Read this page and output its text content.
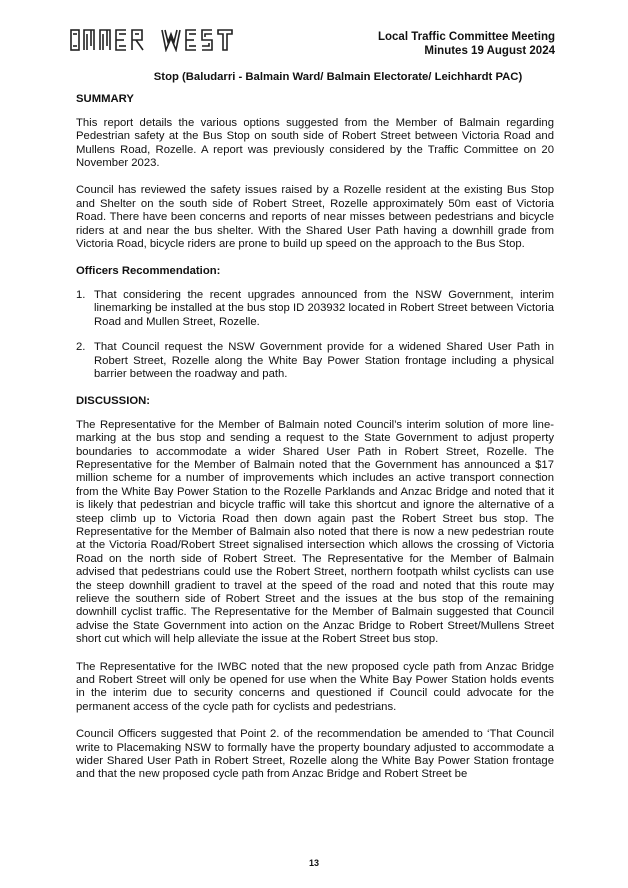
Local Traffic Committee Meeting
Minutes 19 August 2024
Stop (Baludarri - Balmain Ward/ Balmain Electorate/ Leichhardt PAC)
SUMMARY

This report details the various options suggested from the Member of Balmain regarding Pedestrian safety at the Bus Stop on south side of Robert Street between Victoria Road and Mullens Road, Rozelle. A report was previously considered by the Traffic Committee on 20 November 2023.

Council has reviewed the safety issues raised by a Rozelle resident at the existing Bus Stop and Shelter on the south side of Robert Street, Rozelle approximately 50m east of Victoria Road. There have been concerns and reports of near misses between pedestrians and bicycle riders at and near the bus shelter. With the Shared User Path having a downhill grade from Victoria Road, bicycle riders are prone to build up speed on the approach to the Bus Stop.

Officers Recommendation:
1. That considering the recent upgrades announced from the NSW Government, interim linemarking be installed at the bus stop ID 203932 located in Robert Street between Victoria Road and Mullen Street, Rozelle.
2. That Council request the NSW Government provide for a widened Shared User Path in Robert Street, Rozelle along the White Bay Power Station frontage including a physical barrier between the roadway and path.
DISCUSSION:

The Representative for the Member of Balmain noted Council’s interim solution of more line-marking at the bus stop and sending a request to the State Government to adjust property boundaries to accommodate a wider Shared User Path in Robert Street, Rozelle. The Representative for the Member of Balmain noted that the Government has announced a $17 million scheme for a number of improvements which includes an active transport connection from the White Bay Power Station to the Rozelle Parklands and Anzac Bridge and noted that it is likely that pedestrian and bicycle traffic will take this shortcut and ignore the alternative of a steep climb up to Victoria Road then down again past the Robert Street bus stop. The Representative for the Member of Balmain also noted that there is now a new pedestrian route at the Victoria Road/Robert Street signalised intersection which allows the crossing of Victoria Road on the north side of Robert Street. The Representative for the Member of Balmain advised that pedestrians could use the Robert Street, northern footpath whilst cyclists can use the steep downhill gradient to travel at the speed of the road and noted that this route may relieve the southern side of Robert Street and the issues at the bus stop of the remaining downhill cyclist traffic. The Representative for the Member of Balmain suggested that Council advise the State Government into action on the Anzac Bridge to Robert Street/Mullens Street short cut which will help alleviate the issue at the Robert Street bus stop.

The Representative for the IWBC noted that the new proposed cycle path from Anzac Bridge and Robert Street will only be opened for use when the White Bay Power Station holds events in the interim due to security concerns and questioned if Council could advocate for the permanent access of the cycle path for cyclists and pedestrians.

Council Officers suggested that Point 2. of the recommendation be amended to ‘That Council write to Placemaking NSW to formally have the property boundary adjusted to accommodate a wider Shared User Path in Robert Street, Rozelle along the White Bay Power Station frontage and that the new proposed cycle path from Anzac Bridge and Robert Street be

13
